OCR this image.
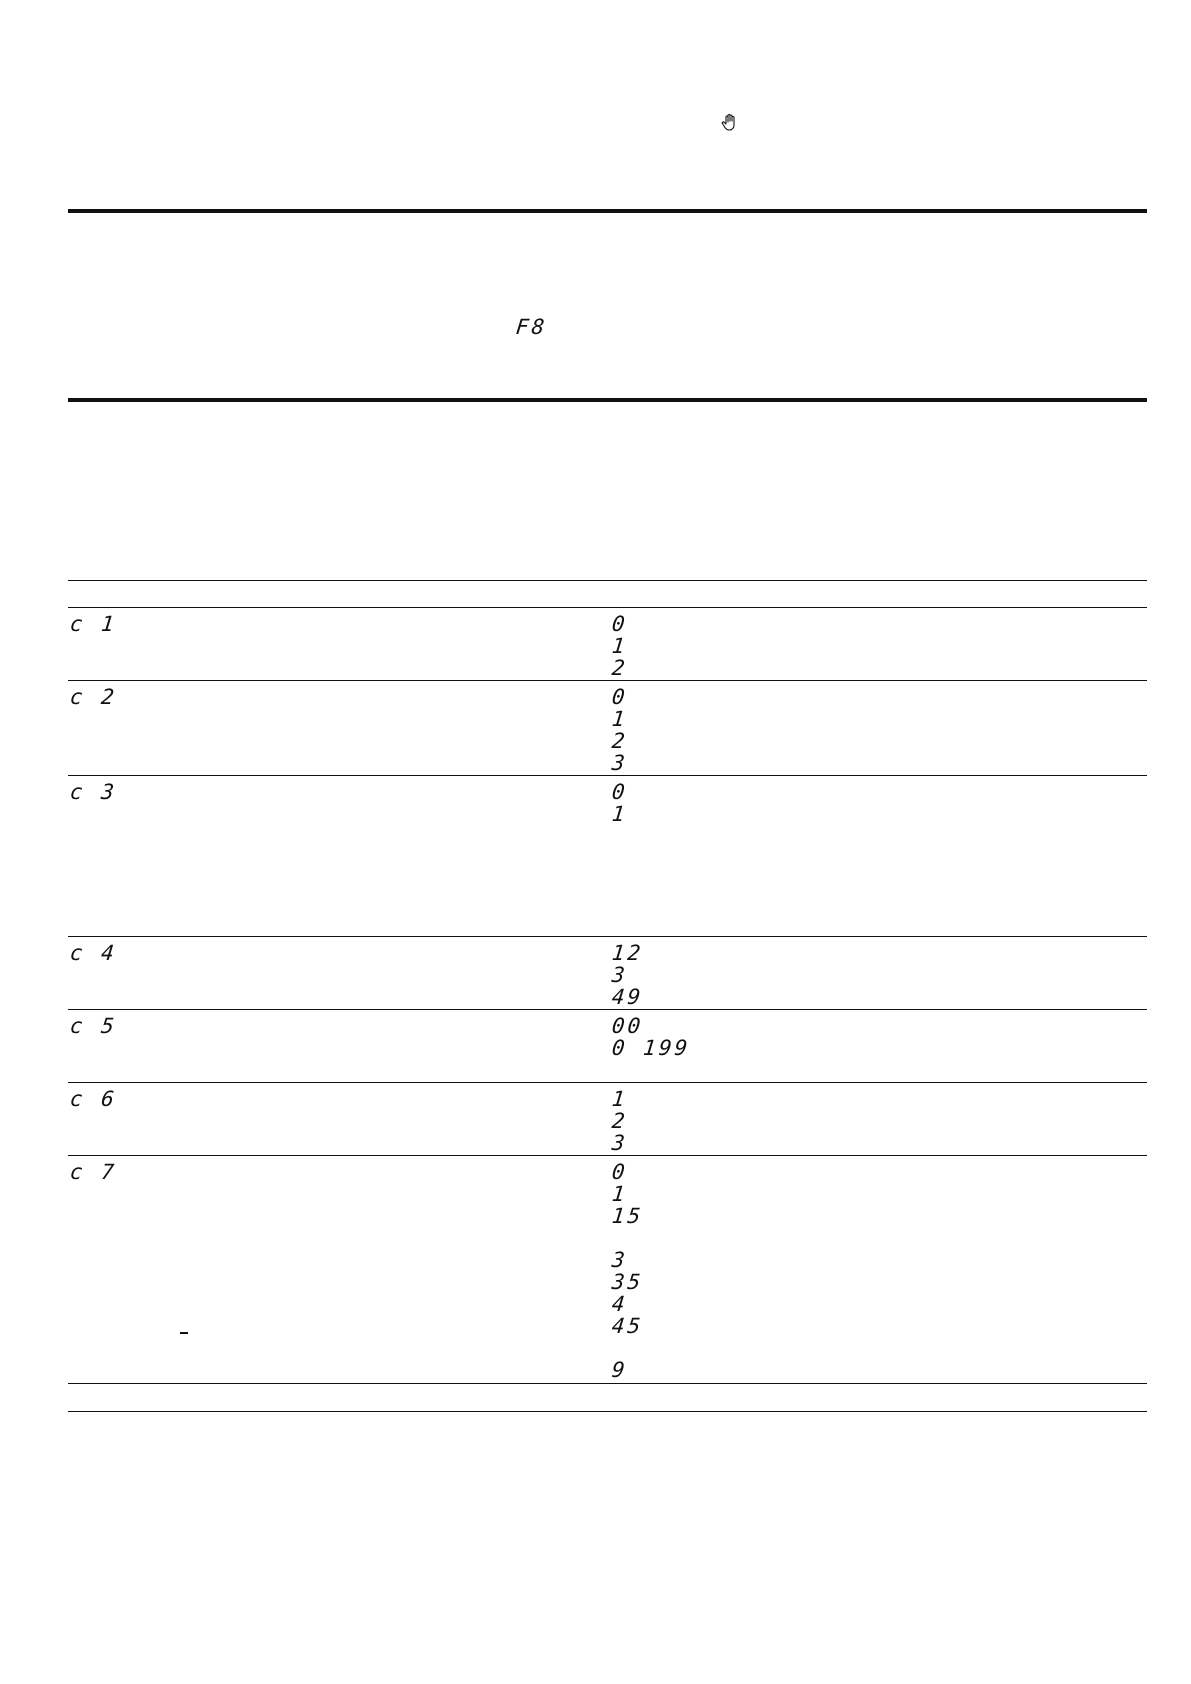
F8
c 1	0
1
2
c 2	0
1
2
3
c 3	0
1
c 4	12
3
49
c 5	00
0 199
c 6	1
2
3
c 7	0
1
15
3
35
4
45
9
